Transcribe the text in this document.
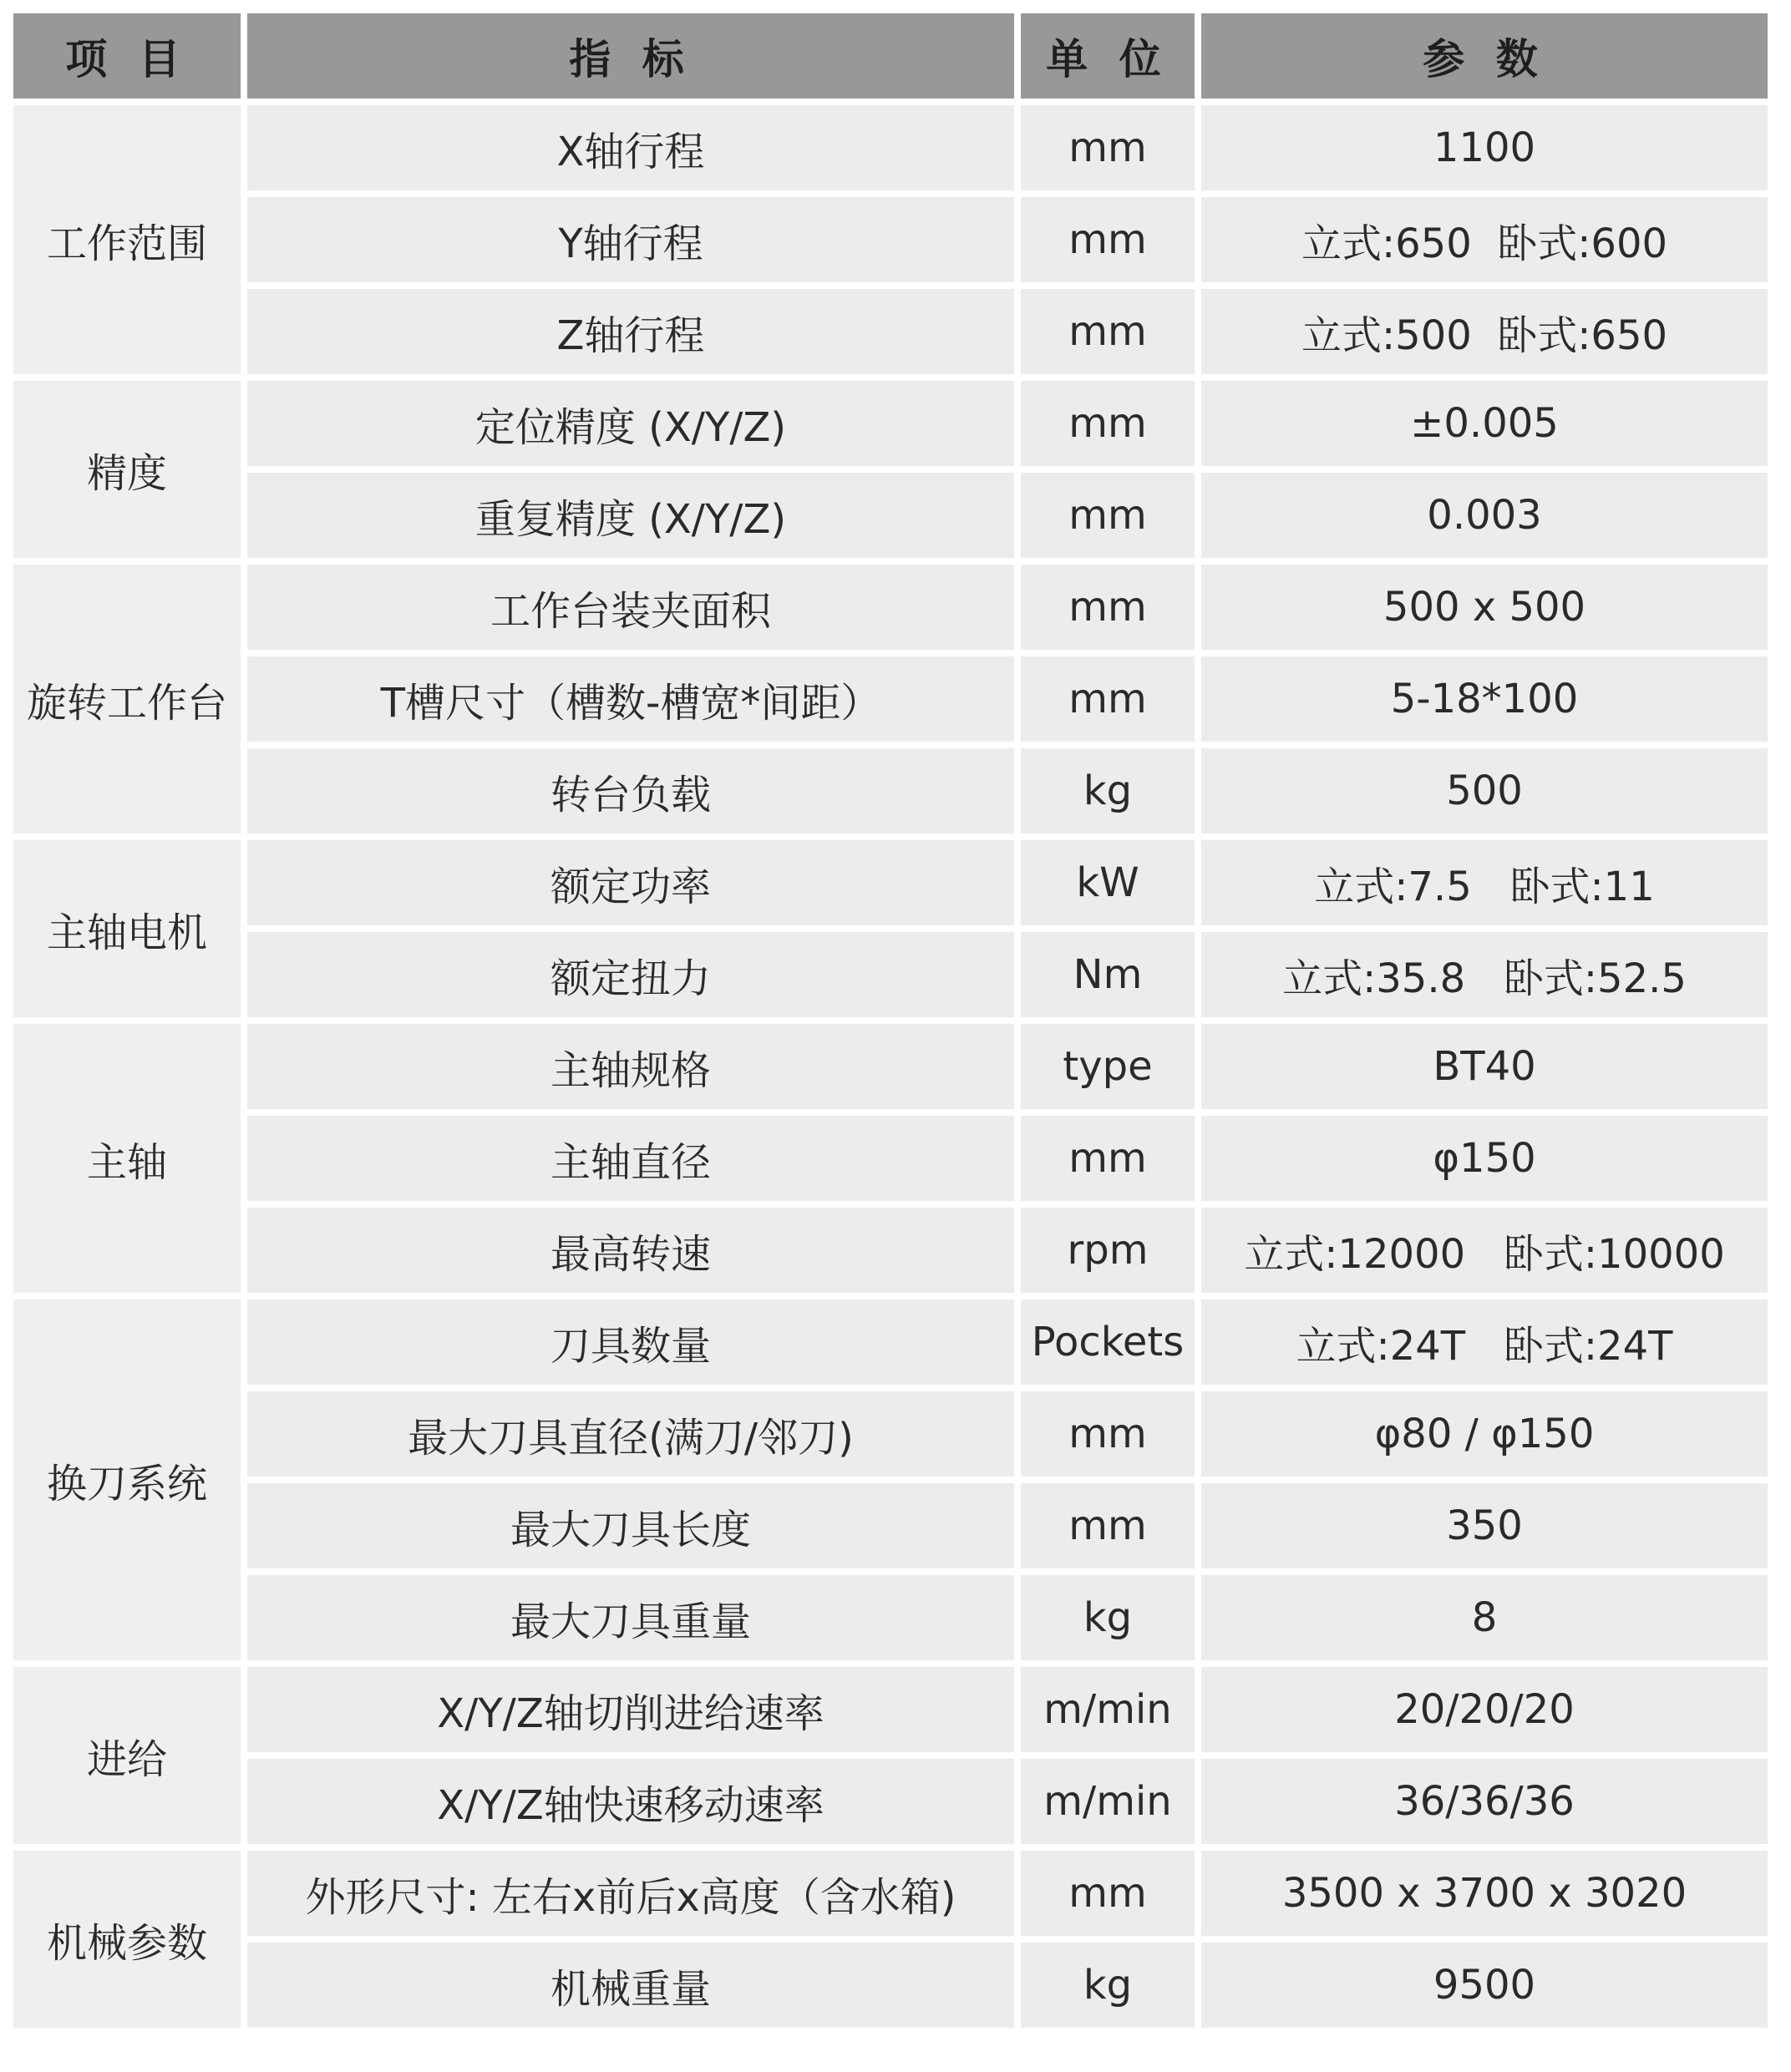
项 目	指 标	单 位	参 数
工作范围	X轴行程	mm	1100
	Y轴行程	mm	立式:650  卧式:600
	Z轴行程	mm	立式:500  卧式:650
精度	定位精度 (X/Y/Z)	mm	±0.005
	重复精度 (X/Y/Z)	mm	0.003
旋转工作台	工作台装夹面积	mm	500 x 500
	T槽尺寸（槽数-槽宽*间距）	mm	5-18*100
	转台负载	kg	500
主轴电机	额定功率	kW	立式:7.5   卧式:11
	额定扭力	Nm	立式:35.8   卧式:52.5
主轴	主轴规格	type	BT40
	主轴直径	mm	φ150
	最高转速	rpm	立式:12000   卧式:10000
换刀系统	刀具数量	Pockets	立式:24T   卧式:24T
	最大刀具直径(满刀/邻刀)	mm	φ80 / φ150
	最大刀具长度	mm	350
	最大刀具重量	kg	8
进给	X/Y/Z轴切削进给速率	m/min	20/20/20
	X/Y/Z轴快速移动速率	m/min	36/36/36
机械参数	外形尺寸: 左右x前后x高度（含水箱)	mm	3500 x 3700 x 3020
	机械重量	kg	9500
